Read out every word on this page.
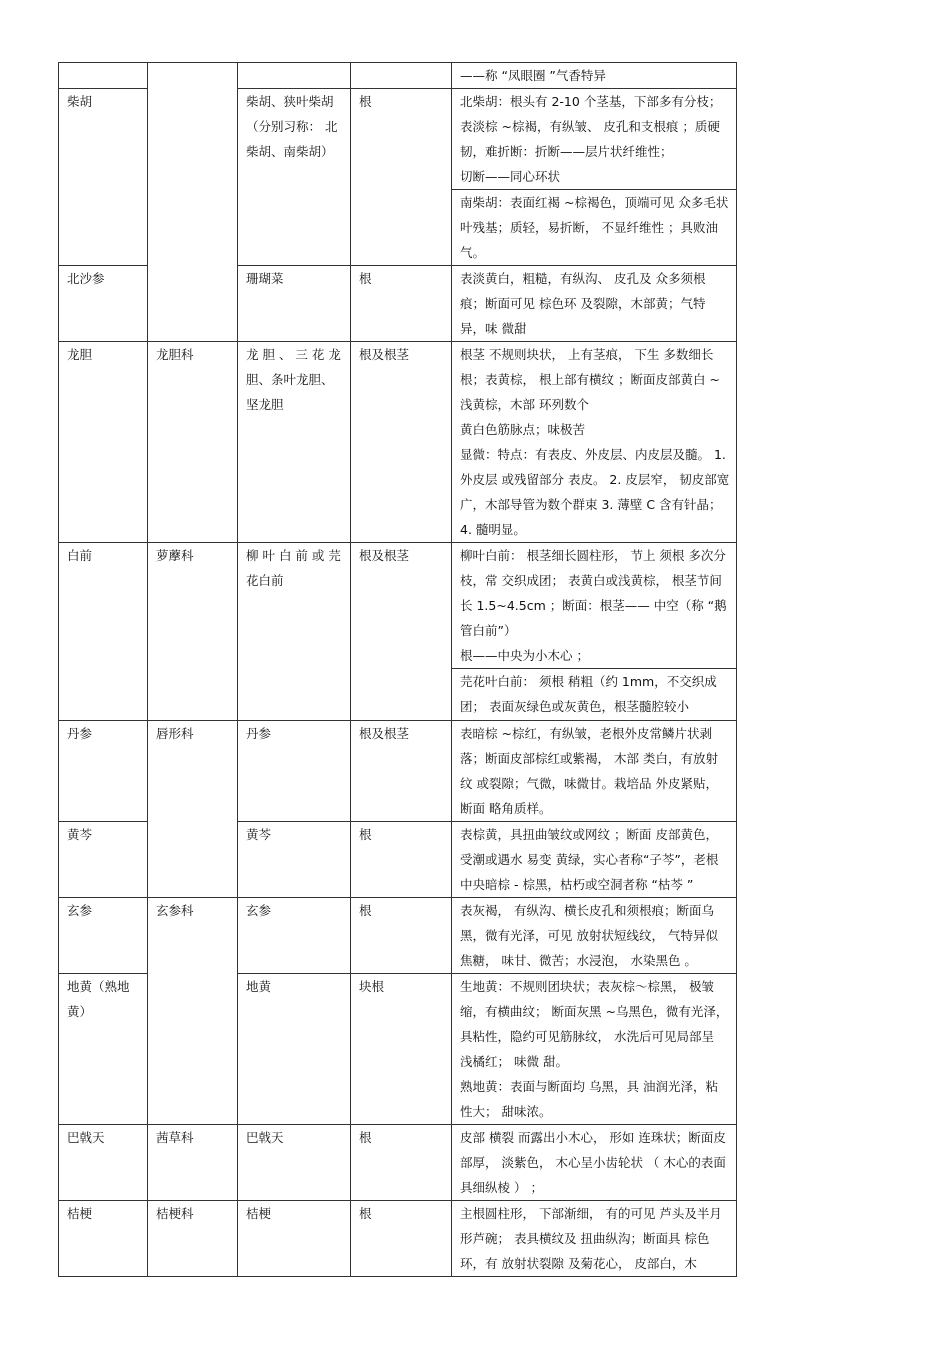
				——称 “凤眼圈 ”气香特异

柴胡		柴胡、狭叶柴胡（分别习称： 北柴胡、南柴胡）	根	北柴胡：根头有 2-10 个茎基，下部多有分枝；表淡棕 ~棕褐，有纵皱、 皮孔和支根痕 ；质硬韧，难折断：折断——层片状纤维性；
切断——同心环状

				南柴胡：表面红褐 ~棕褐色，顶端可见 众多毛状叶残基；质轻，易折断， 不显纤维性 ；具败油气。

北沙参		珊瑚菜	根	表淡黄白，粗糙，有纵沟、 皮孔及 众多须根痕；断面可见 棕色环 及裂隙，木部黄；气特异，味 微甜

龙胆	龙胆科	龙 胆 、 三 花 龙 胆、条叶龙胆、坚龙胆	根及根茎	根茎 不规则块状， 上有茎痕， 下生 多数细长根；表黄棕， 根上部有横纹 ；断面皮部黄白 ~浅黄棕，木部 环列数个
黄白色筋脉点；味极苦
显微：特点：有表皮、外皮层、内皮层及髓。 1. 外皮层 或残留部分 表皮。 2. 皮层窄， 韧皮部宽广，木部导管为数个群束 3. 薄壁 C 含有针晶； 4. 髓明显。

白前	萝藦科	柳 叶 白 前 或 芫 花白前	根及根茎	柳叶白前： 根茎细长圆柱形， 节上 须根 多次分枝，常 交织成团； 表黄白或浅黄棕， 根茎节间长 1.5~4.5cm ；断面：根茎—— 中空（称 “鹅管白前”）
根——中央为小木心 ；

				芫花叶白前： 须根 稍粗（约 1mm，不交织成团； 表面灰绿色或灰黄色，根茎髓腔较小

丹参	唇形科	丹参	根及根茎	表暗棕 ~棕红，有纵皱，老根外皮常鳞片状剥落；断面皮部棕红或紫褐， 木部 类白，有放射纹 或裂隙；气微，味微甘。栽培品 外皮紧贴，断面 略角质样。

黄芩		黄芩	根	表棕黄，具扭曲皱纹或网纹 ；断面 皮部黄色，受潮或遇水 易变 黄绿，实心者称“子芩”，老根中央暗棕 - 棕黑，枯朽或空洞者称 “枯芩 ”

玄参	玄参科	玄参	根	表灰褐， 有纵沟、横长皮孔和须根痕；断面乌黑，微有光泽，可见 放射状短线纹， 气特异似焦糖， 味甘、微苦；水浸泡， 水染黑色 。

地黄（熟地黄）		地黄	块根	生地黄：不规则团块状；表灰棕～棕黑， 极皱缩，有横曲纹； 断面灰黑 ~乌黑色，微有光泽，具粘性，隐约可见筋脉纹， 水洗后可见局部呈 浅橘红； 味微 甜。
熟地黄：表面与断面均 乌黑，具 油润光泽，粘性大； 甜味浓。

巴戟天	茜草科	巴戟天	根	皮部 横裂 而露出小木心， 形如 连珠状；断面皮部厚， 淡紫色， 木心呈小齿轮状 （ 木心的表面具细纵棱 ） ；

桔梗	桔梗科	桔梗	根	主根圆柱形， 下部渐细， 有的可见 芦头及半月形芦碗； 表具横纹及 扭曲纵沟；断面具 棕色环，有 放射状裂隙 及菊花心， 皮部白，木
